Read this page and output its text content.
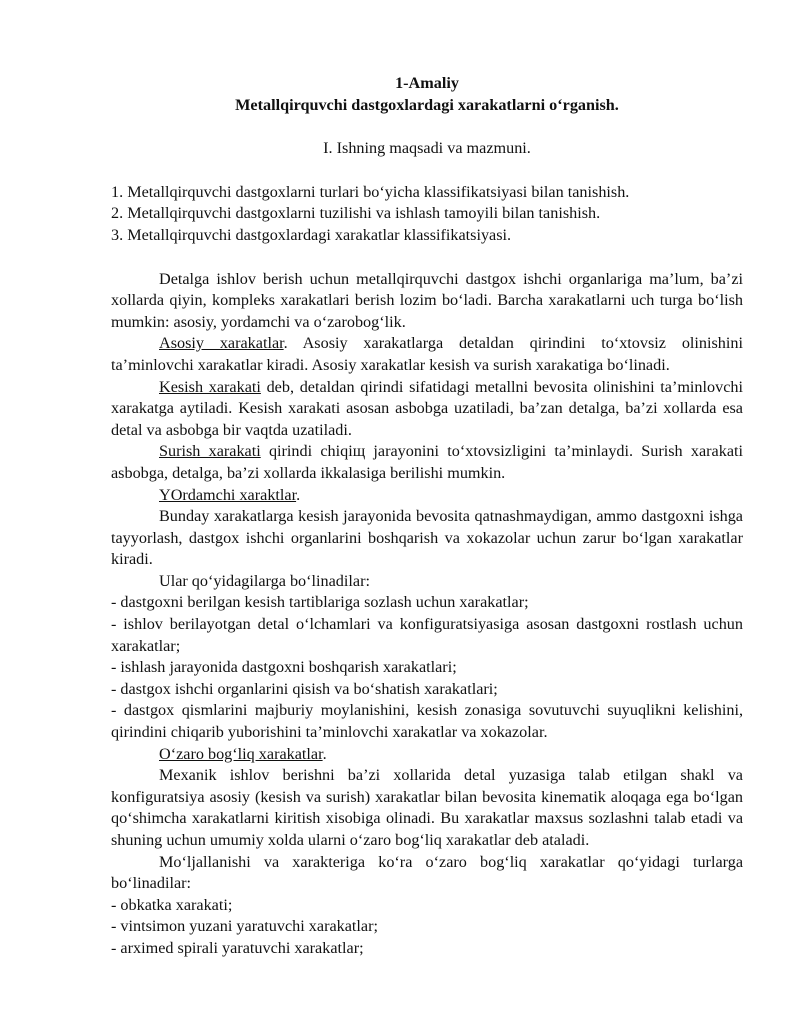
1-Amaliy
Metallqirquvchi dastgoxlardagi xarakatlarni o‘rganish.
I. Ishning maqsadi va mazmuni.
1. Metallqirquvchi dastgoxlarni turlari bo‘yicha klassifikatsiyasi bilan tanishish.
2. Metallqirquvchi dastgoxlarni tuzilishi va ishlash tamoyili bilan tanishish.
3. Metallqirquvchi dastgoxlardagi xarakatlar klassifikatsiyasi.

Detalga ishlov berish uchun metallqirquvchi dastgox ishchi organlariga ma’lum, ba’zi xollarda qiyin, kompleks xarakatlari berish lozim bo‘ladi. Barcha xarakatlarni uch turga bo‘lish mumkin: asosiy, yordamchi va o‘zarobog‘lik.

Asosiy xarakatlar. Asosiy xarakatlarga detaldan qirindini to‘xtovsiz olinishini ta’minlovchi xarakatlar kiradi. Asosiy xarakatlar kesish va surish xarakatiga bo‘linadi.

Kesish xarakati deb, detaldan qirindi sifatidagi metallni bevosita olinishini ta’minlovchi xarakatga aytiladi. Kesish xarakati asosan asbobga uzatiladi, ba’zan detalga, ba’zi xollarda esa detal va asbobga bir vaqtda uzatiladi.

Surish xarakati qirindi chiqiщ jarayonini to‘xtovsizligini ta’minlaydi. Surish xarakati asbobga, detalga, ba’zi xollarda ikkalasiga berilishi mumkin.

YOrdamchi xaraktlar.

Bunday xarakatlarga kesish jarayonida bevosita qatnashmaydigan, ammo dastgoxni ishga tayyorlash, dastgox ishchi organlarini boshqarish va xokazolar uchun zarur bo‘lgan xarakatlar kiradi.

Ular qo‘yidagilarga bo‘linadilar:

- dastgoxni berilgan kesish tartiblariga sozlash uchun xarakatlar;
- ishlov berilayotgan detal o‘lchamlari va konfiguratsiyasiga asosan dastgoxni rostlash uchun xarakatlar;
- ishlash jarayonida dastgoxni boshqarish xarakatlari;
- dastgox ishchi organlarini qisish va bo‘shatish xarakatlari;
- dastgox qismlarini majburiy moylanishini, kesish zonasiga sovutuvchi suyuqlikni kelishini, qirindini chiqarib yuborishini ta’minlovchi xarakatlar va xokazolar.

O‘zaro bog‘liq xarakatlar.

Mexanik ishlov berishni ba’zi xollarida detal yuzasiga talab etilgan shakl va konfiguratsiya asosiy (kesish va surish) xarakatlar bilan bevosita kinematik aloqaga ega bo‘lgan qo‘shimcha xarakatlarni kiritish xisobiga olinadi. Bu xarakatlar maxsus sozlashni talab etadi va shuning uchun umumiy xolda ularni o‘zaro bog‘liq xarakatlar deb ataladi.

Mo‘ljallanishi va xarakteriga ko‘ra o‘zaro bog‘liq xarakatlar qo‘yidagi turlarga bo‘linadilar:

- obkatka xarakati;
- vintsimon yuzani yaratuvchi xarakatlar;
- arximed spirali yaratuvchi xarakatlar;
